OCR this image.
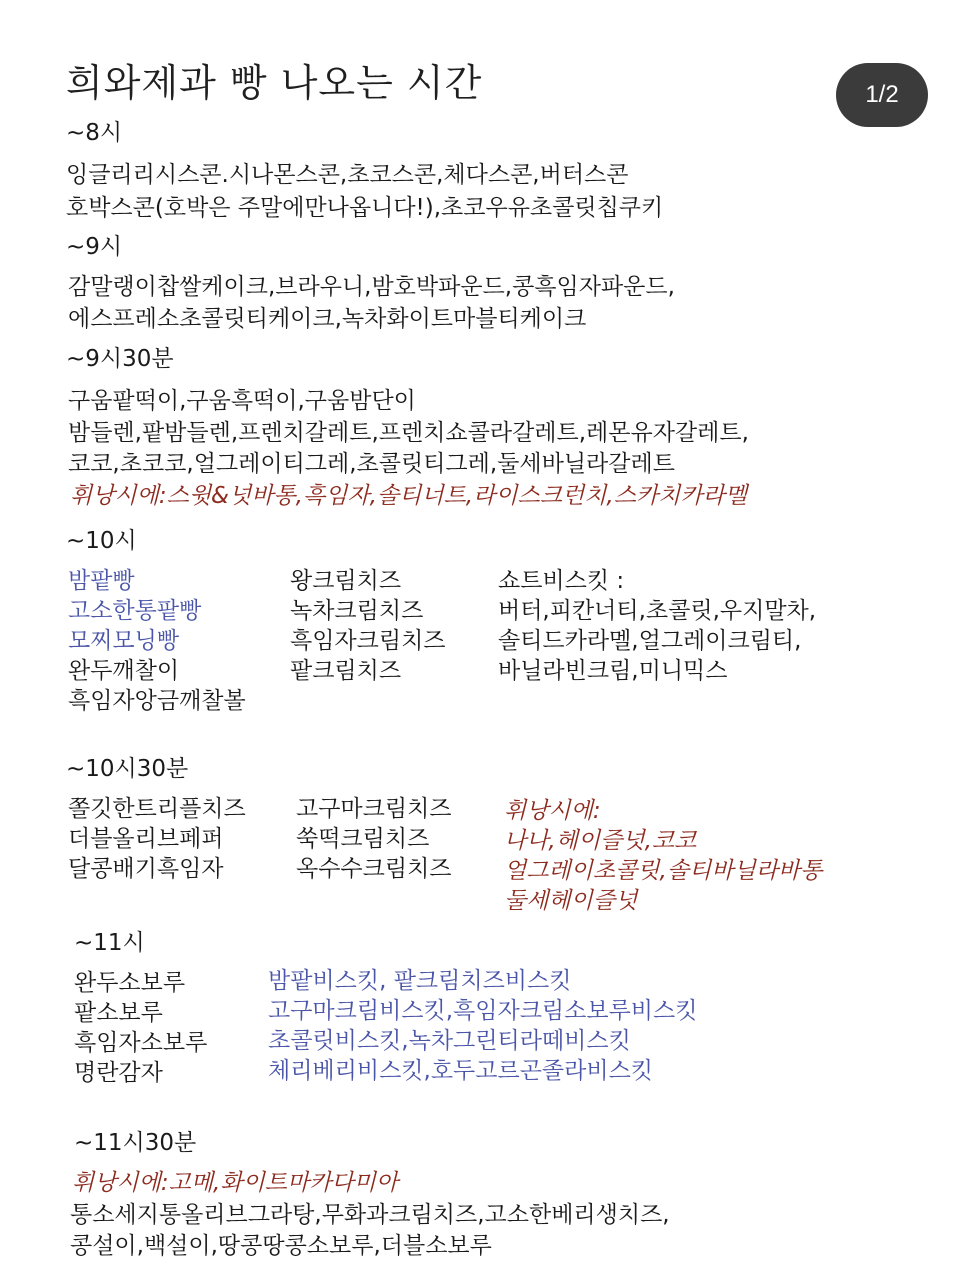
희와제과 빵 나오는 시간	1/2
~8시
잉글리리시스콘.시나몬스콘,초코스콘,체다스콘,버터스콘
호박스콘(호박은 주말에만나옵니다!),초코우유초콜릿칩쿠키
~9시
감말랭이찹쌀케이크,브라우니,밤호박파운드,콩흑임자파운드,
에스프레소초콜릿티케이크,녹차화이트마블티케이크
~9시30분
구움팥떡이,구움흑떡이,구움밤단이
밤들렌,팥밤들렌,프렌치갈레트,프렌치쇼콜라갈레트,레몬유자갈레트,
코코,초코코,얼그레이티그레,초콜릿티그레,둘세바닐라갈레트
휘낭시에:스윗&넛바통,흑임자,솔티너트,라이스크런치,스카치카라멜
~10시
밤팥빵
고소한통팥빵
모찌모닝빵
완두깨찰이
흑임자앙금깨찰볼
왕크림치즈
녹차크림치즈
흑임자크림치즈
팥크림치즈
쇼트비스킷 :
버터,피칸너티,초콜릿,우지말차,
솔티드카라멜,얼그레이크림티,
바닐라빈크림,미니믹스
~10시30분
쫄깃한트리플치즈
더블올리브페퍼
달콩배기흑임자
고구마크림치즈
쑥떡크림치즈
옥수수크림치즈
휘낭시에:
나나,헤이즐넛,코코
얼그레이초콜릿,솔티바닐라바통
둘세헤이즐넛
~11시
완두소보루
팥소보루
흑임자소보루
명란감자
밤팥비스킷, 팥크림치즈비스킷
고구마크림비스킷,흑임자크림소보루비스킷
초콜릿비스킷,녹차그린티라떼비스킷
체리베리비스킷,호두고르곤졸라비스킷
~11시30분
휘낭시에:고메,화이트마카다미아
통소세지통올리브그라탕,무화과크림치즈,고소한베리생치즈,
콩설이,백설이,땅콩땅콩소보루,더블소보루
